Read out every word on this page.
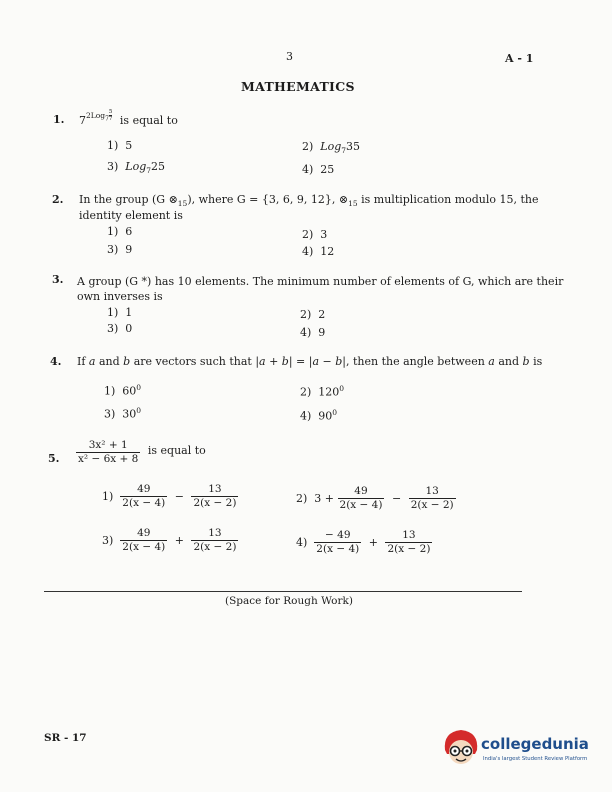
3	A - 1
MATHEMATICS
1. $7^{2Log_7 \frac{5}{7}}$ is equal to
1) 5	2) Log$_7$35
3) Log$_7$25	4) 25
2. In the group (G $\otimes_{15}$), where G = {3, 6, 9, 12}, $\otimes_{15}$ is multiplication modulo 15, the
identity element is
1) 6	2) 3
3) 9	4) 12
3. A group (G *) has 10 elements. The minimum number of elements of G, which are their
own inverses is
1) 1	2) 2
3) 0	4) 9
4. If a and b are vectors such that |a + b| = |a − b|, then the angle between a and b is
1) $60^0$	2) $120^0$
3) $30^0$	4) $90^0$
5. $\frac{\text{3x² + 1}}{\text{x² − 6x + 8}}$ is equal to
$1) \frac{49}{2(x - 4)} - \frac{13}{2(x - 2)}$	2) $3 + \frac{49}{2(x - 4)} - \frac{13}{2(x - 2)}$
$3) \frac{49}{2(x - 4)} + \frac{13}{2(x - 2)}$	$4) \frac{- 49}{2(x - 4)} + \frac{13}{2(x - 2)}$
(Space for Rough Work)
SR - 17	collegedunia
India's largest Student Review Platform
